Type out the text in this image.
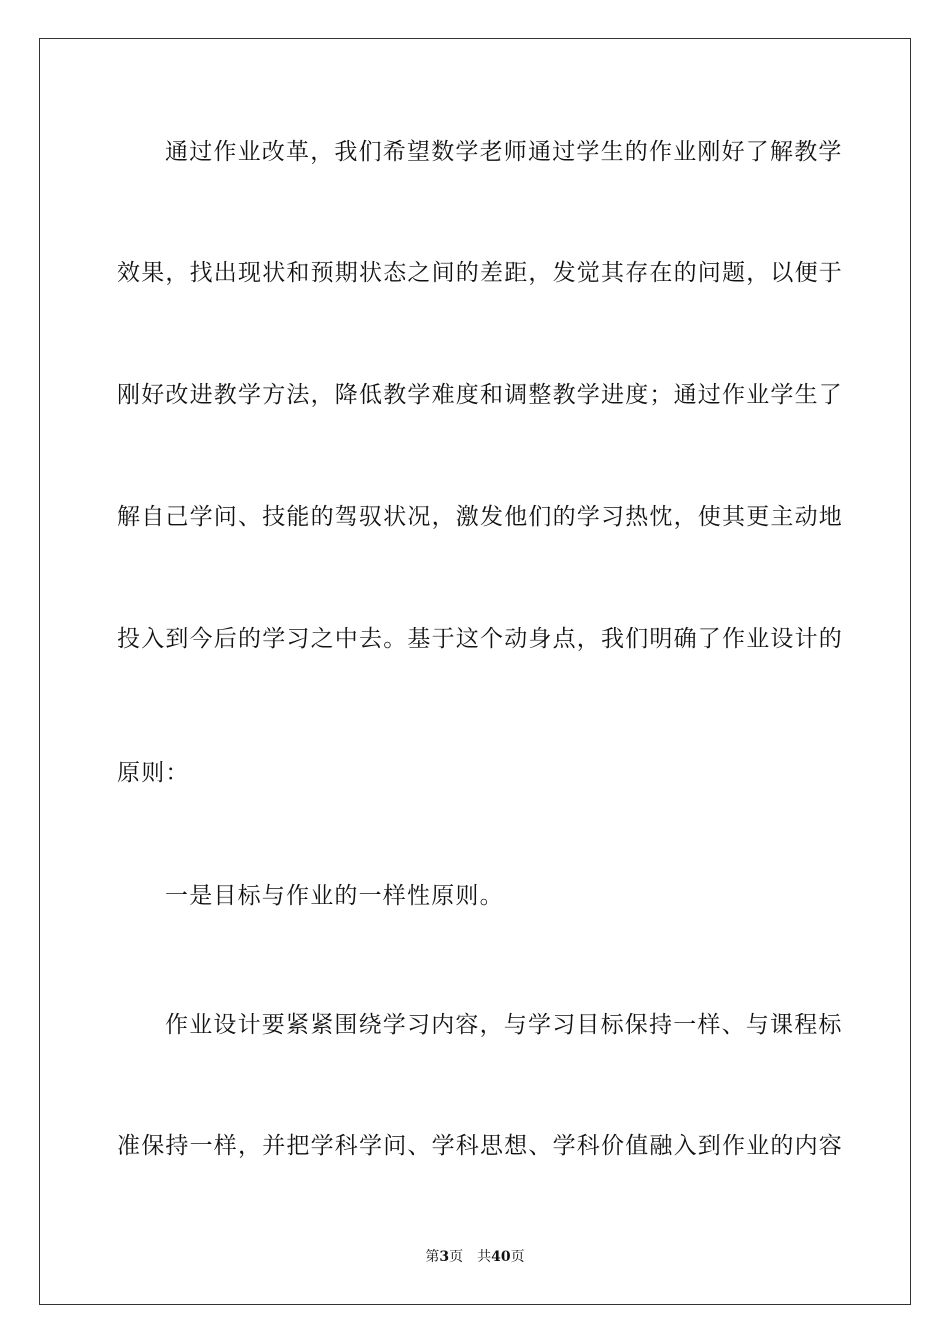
通过作业改革，我们希望数学老师通过学生的作业刚好了解教学
效果，找出现状和预期状态之间的差距，发觉其存在的问题，以便于
刚好改进教学方法，降低教学难度和调整教学进度；通过作业学生了
解自己学问、技能的驾驭状况，激发他们的学习热忱，使其更主动地
投入到今后的学习之中去。基于这个动身点，我们明确了作业设计的
原则：
一是目标与作业的一样性原则。
作业设计要紧紧围绕学习内容，与学习目标保持一样、与课程标
准保持一样，并把学科学问、学科思想、学科价值融入到作业的内容
第3页 共40页
